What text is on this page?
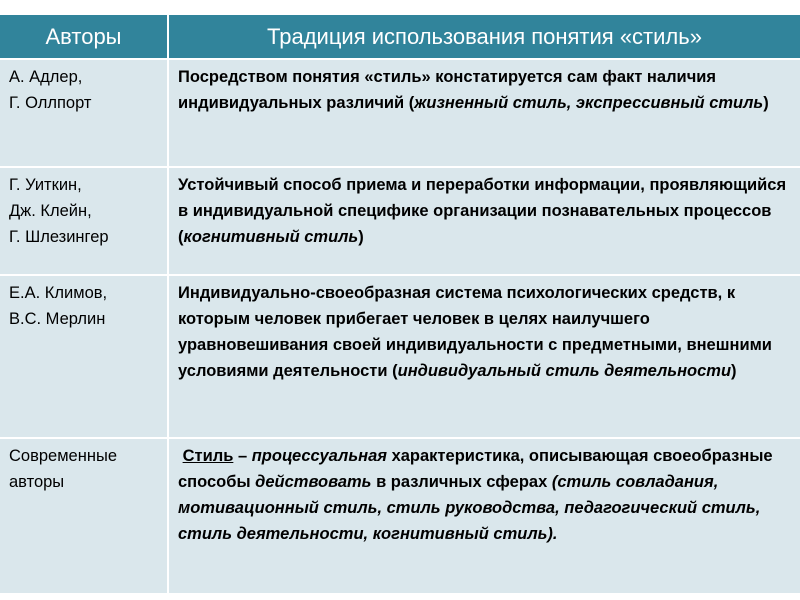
Авторы	Традиция использования понятия «стиль»

А. Адлер,
Г. Оллпорт	Посредством понятия «стиль» констатируется сам факт наличия индивидуальных различий (жизненный стиль, экспрессивный стиль)

Г. Уиткин,
Дж. Клейн,
Г. Шлезингер	Устойчивый способ приема и переработки информации, проявляющийся в индивидуальной специфике организации познавательных процессов (когнитивный стиль)

Е.А. Климов,
В.С. Мерлин	Индивидуально-своеобразная система психологических средств, к которым человек прибегает человек в целях наилучшего уравновешивания своей индивидуальности с предметными, внешними условиями деятельности (индивидуальный стиль деятельности)

Современные
авторы	Стиль – процессуальная характеристика, описывающая своеобразные способы действовать в различных сферах (стиль совладания, мотивационный стиль, стиль руководства, педагогический стиль, стиль деятельности, когнитивный стиль).
